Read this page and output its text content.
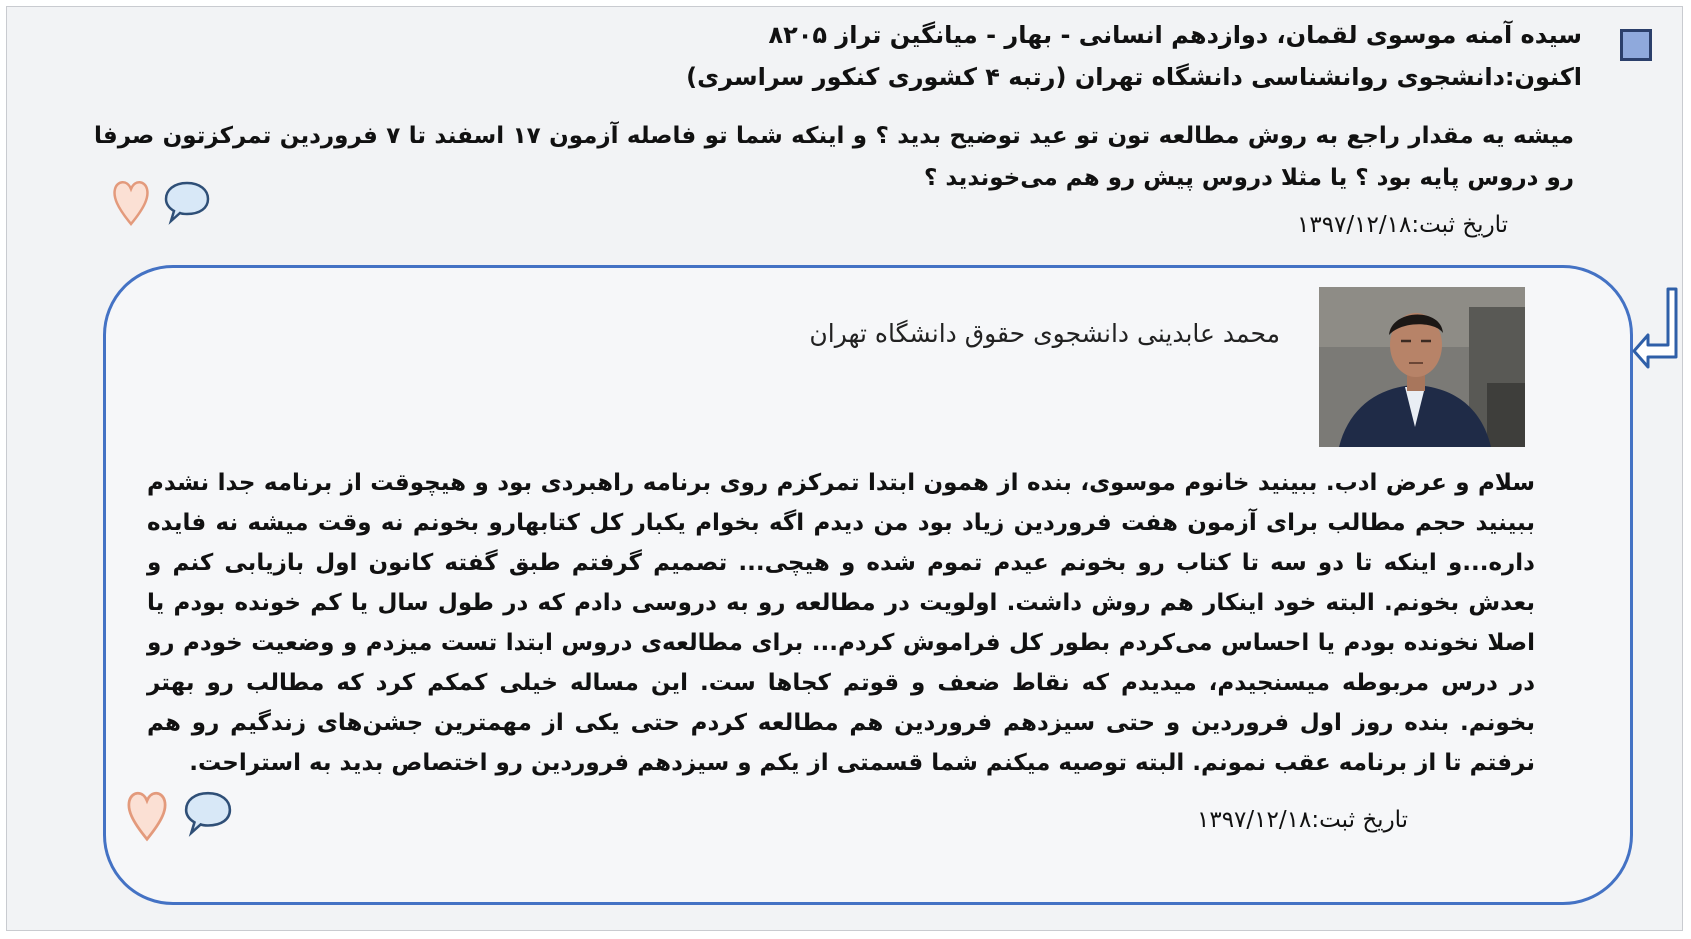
سیده آمنه موسوی لقمان، دوازدهم انسانی - بهار - میانگین تراز ۸۲۰۵
اکنون:دانشجوی روانشناسی دانشگاه تهران (رتبه ۴ کشوری کنکور سراسری)
میشه یه مقدار راجع به روش مطالعه تون تو عید توضیح بدید ؟ و اینکه شما تو فاصله آزمون ۱۷ اسفند تا ۷ فروردین تمرکزتون صرفا رو دروس پایه بود ؟ یا مثلا دروس پیش رو هم می‌خوندید ؟
تاریخ ثبت:۱۳۹۷/۱۲/۱۸
محمد عابدینی دانشجوی حقوق دانشگاه تهران
سلام و عرض ادب. ببینید خانوم موسوی، بنده از همون ابتدا تمرکزم روی برنامه راهبردی بود و هیچوقت از برنامه جدا نشدم ببینید حجم مطالب برای آزمون هفت فروردین زیاد بود من دیدم اگه بخوام یکبار کل کتابهارو بخونم نه وقت میشه نه فایده داره...و اینکه تا دو سه تا کتاب رو بخونم عیدم تموم شده و هیچی... تصمیم گرفتم طبق گفته کانون اول بازیابی کنم و بعدش بخونم. البته خود اینکار هم روش داشت. اولویت در مطالعه رو به دروسی دادم که در طول سال یا کم خونده بودم یا اصلا نخونده بودم یا احساس می‌کردم بطور کل فراموش کردم... برای مطالعه‌ی دروس ابتدا تست میزدم و وضعیت خودم رو در درس مربوطه میسنجیدم، میدیدم که نقاط ضعف و قوتم کجاها ست. این مساله خیلی کمکم کرد که مطالب رو بهتر بخونم. بنده روز اول فروردین و حتی سیزدهم فروردین هم مطالعه کردم حتی یکی از مهمترین جشن‌های زندگیم رو هم نرفتم تا از برنامه عقب نمونم. البته توصیه میکنم شما قسمتی از یکم و سیزدهم فروردین رو اختصاص بدید به استراحت.
تاریخ ثبت:۱۳۹۷/۱۲/۱۸
